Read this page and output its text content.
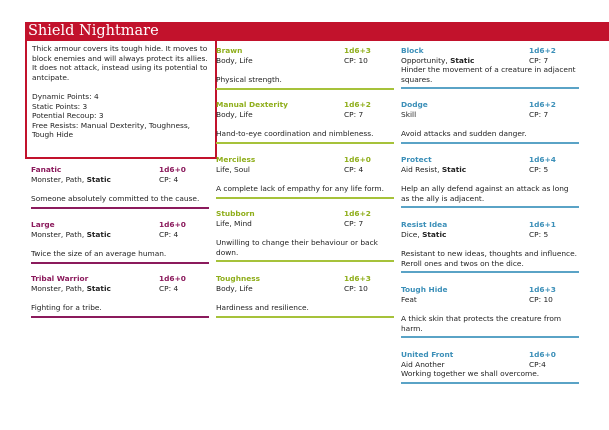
Shield Nightmare

Thick armour covers its tough hide. It moves to block enemies and will always protect its allies. It does not attack, instead using its potential to antcipate.

Dynamic Points: 4
Static Points: 3
Potential Recoup: 3
Free Resists: Manual Dexterity, Toughness, Tough Hide
Fanatic	1d6+0
Monster, Path, Static	CP: 4
Someone absolutely committed to the cause.
Large	1d6+0
Monster, Path, Static	CP: 4
Twice the size of an average human.
Tribal Warrior	1d6+0
Monster, Path, Static	CP: 4
Fighting for a tribe.
Brawn	1d6+3
Body, Life	CP: 10
Physical strength.
Manual Dexterity	1d6+2
Body, Life	CP: 7
Hand-to-eye coordination and nimbleness.
Merciless	1d6+0
Life, Soul	CP: 4
A complete lack of empathy for any life form.
Stubborn	1d6+2
Life, Mind	CP: 7
Unwilling to change their behaviour or back down.
Toughness	1d6+3
Body, Life	CP: 10
Hardiness and resilience.
Block	1d6+2
Opportunity, Static	CP: 7
Hinder the movement of a creature in adjacent squares.
Dodge	1d6+2
Skill	CP: 7
Avoid attacks and sudden danger.
Protect	1d6+4
Aid Resist, Static	CP: 5
Help an ally defend against an attack as long as the ally is adjacent.
Resist Idea	1d6+1
Dice, Static	CP: 5
Resistant to new ideas, thoughts and influence. Reroll ones and twos on the dice.
Tough Hide	1d6+3
Feat	CP: 10
A thick skin that protects the creature from harm.
United Front	1d6+0
Aid Another	CP:4
Working together we shall overcome.
